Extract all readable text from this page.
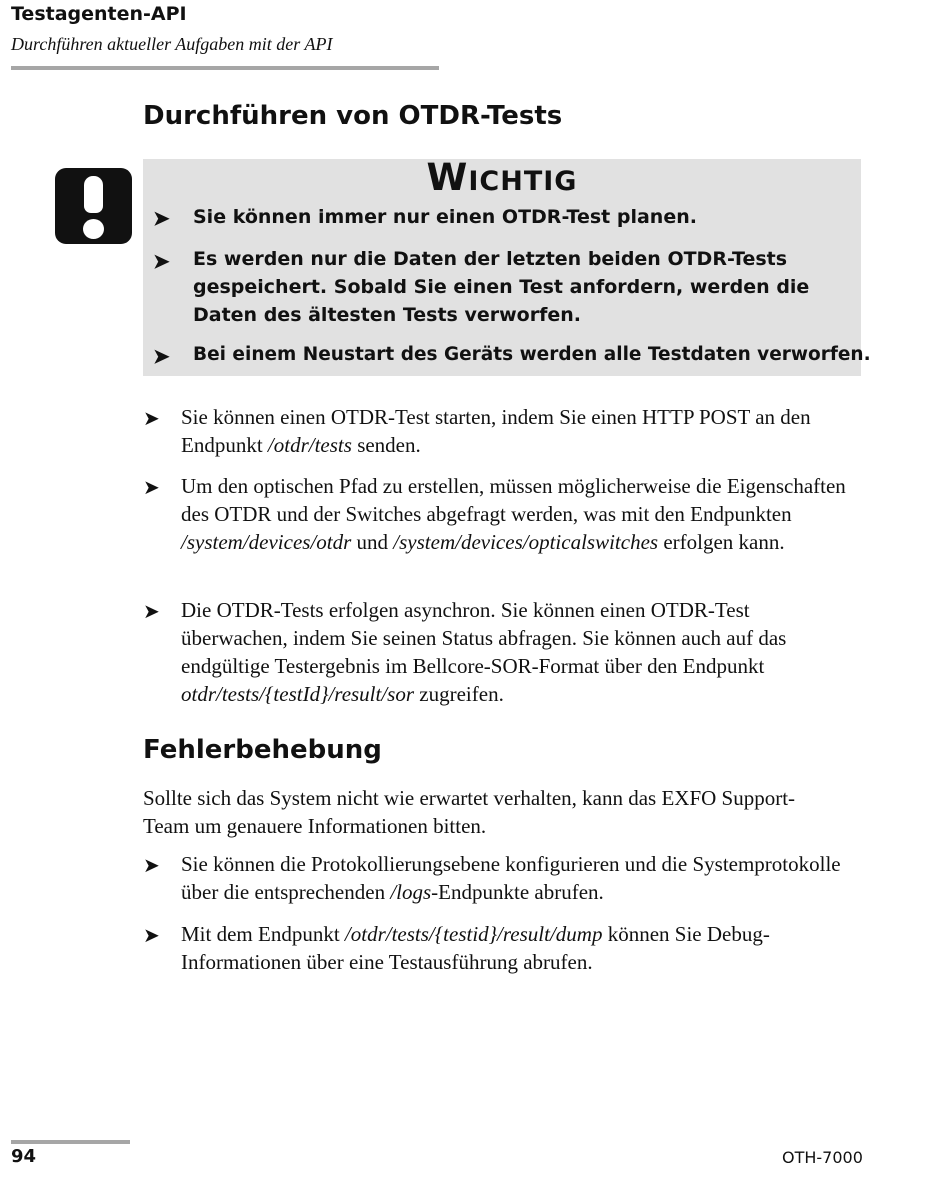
Testagenten-API
Durchführen aktueller Aufgaben mit der API
Durchführen von OTDR-Tests
WICHTIG
➤ Sie können immer nur einen OTDR-Test planen.
➤ Es werden nur die Daten der letzten beiden OTDR-Tests gespeichert. Sobald Sie einen Test anfordern, werden die Daten des ältesten Tests verworfen.
➤ Bei einem Neustart des Geräts werden alle Testdaten verworfen.
➤ Sie können einen OTDR-Test starten, indem Sie einen HTTP POST an den Endpunkt /otdr/tests senden.
➤ Um den optischen Pfad zu erstellen, müssen möglicherweise die Eigenschaften des OTDR und der Switches abgefragt werden, was mit den Endpunkten /system/devices/otdr und /system/devices/opticalswitches erfolgen kann.
➤ Die OTDR-Tests erfolgen asynchron. Sie können einen OTDR-Test überwachen, indem Sie seinen Status abfragen. Sie können auch auf das endgültige Testergebnis im Bellcore-SOR-Format über den Endpunkt otdr/tests/{testId}/result/sor zugreifen.
Fehlerbehebung
Sollte sich das System nicht wie erwartet verhalten, kann das EXFO Support-Team um genauere Informationen bitten.
➤ Sie können die Protokollierungsebene konfigurieren und die Systemprotokolle über die entsprechenden /logs-Endpunkte abrufen.
➤ Mit dem Endpunkt /otdr/tests/{testid}/result/dump können Sie Debug-Informationen über eine Testausführung abrufen.
94	OTH-7000
